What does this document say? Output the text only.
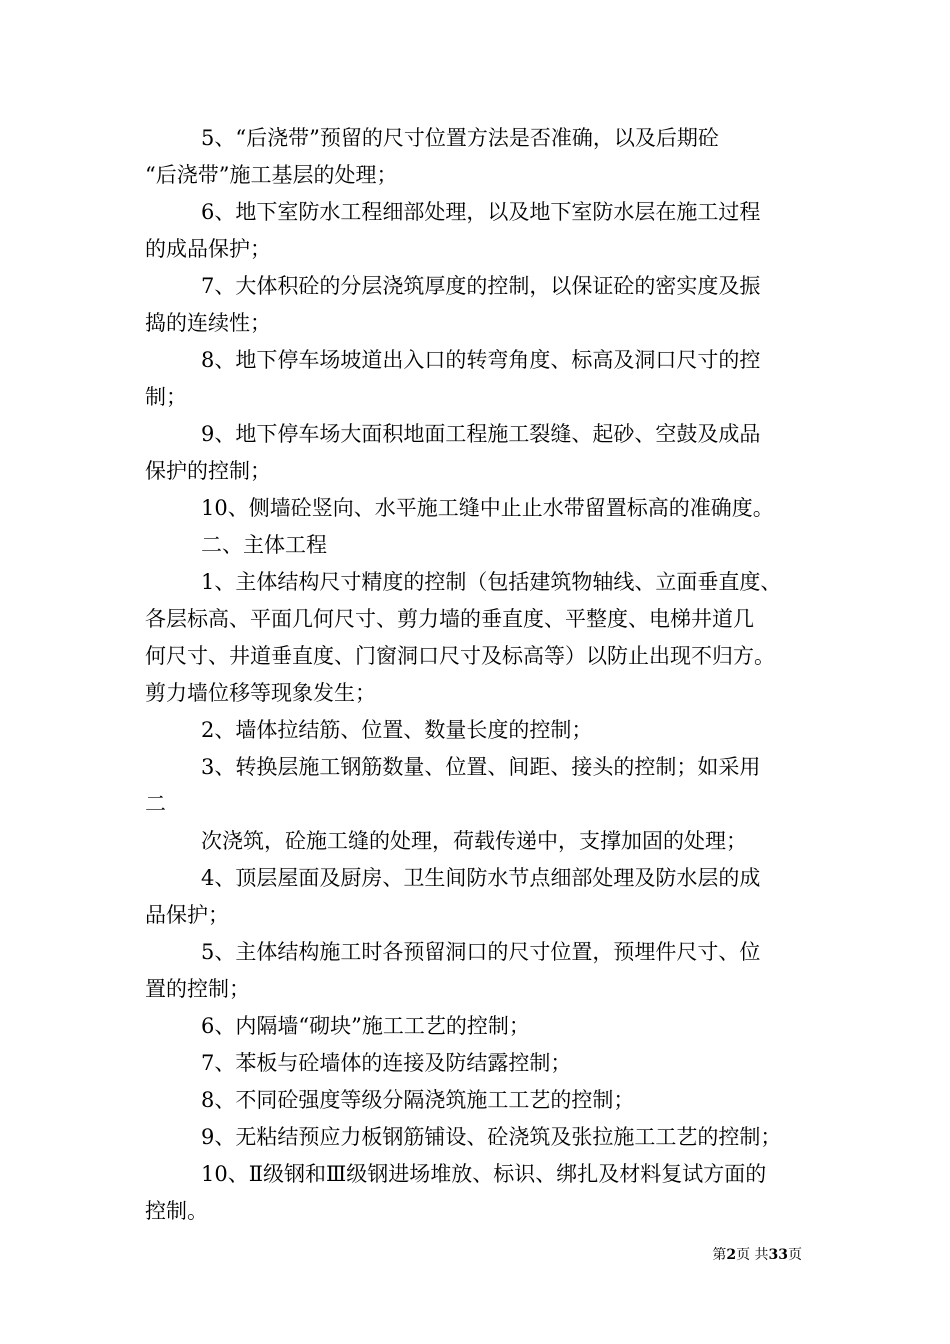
5、“后浇带”预留的尺寸位置方法是否准确，以及后期砼

“后浇带”施工基层的处理；

6、地下室防水工程细部处理，以及地下室防水层在施工过程

的成品保护；

7、大体积砼的分层浇筑厚度的控制，以保证砼的密实度及振

捣的连续性；

8、地下停车场坡道出入口的转弯角度、标高及洞口尺寸的控

制；

9、地下停车场大面积地面工程施工裂缝、起砂、空鼓及成品

保护的控制；

10、侧墙砼竖向、水平施工缝中止止水带留置标高的准确度。

二、主体工程

1、主体结构尺寸精度的控制（包括建筑物轴线、立面垂直度、

各层标高、平面几何尺寸、剪力墙的垂直度、平整度、电梯井道几

何尺寸、井道垂直度、门窗洞口尺寸及标高等）以防止出现不归方。

剪力墙位移等现象发生；

2、墙体拉结筋、位置、数量长度的控制；

3、转换层施工钢筋数量、位置、间距、接头的控制；如采用

二

次浇筑，砼施工缝的处理，荷载传递中，支撑加固的处理；

4、顶层屋面及厨房、卫生间防水节点细部处理及防水层的成

品保护；

5、主体结构施工时各预留洞口的尺寸位置，预埋件尺寸、位

置的控制；

6、内隔墙“砌块”施工工艺的控制；

7、苯板与砼墙体的连接及防结露控制；

8、不同砼强度等级分隔浇筑施工工艺的控制；

9、无粘结预应力板钢筋铺设、砼浇筑及张拉施工工艺的控制；

10、Ⅱ级钢和Ⅲ级钢进场堆放、标识、绑扎及材料复试方面的

控制。

第2页 共33页
